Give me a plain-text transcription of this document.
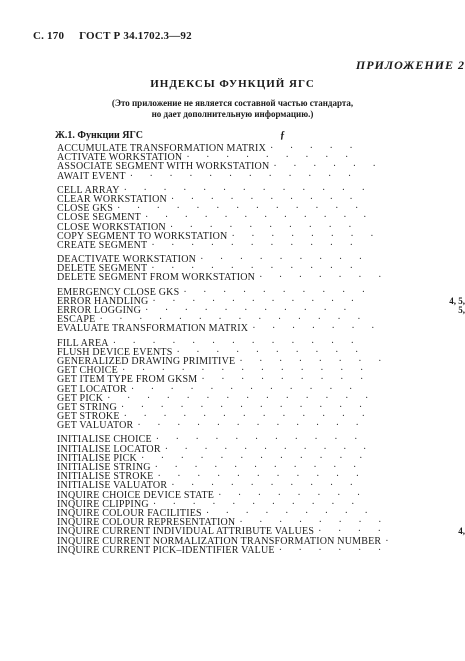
С. 170 ГОСТ Р 34.1702.3—92
ПРИЛОЖЕНИЕ 2
ИНДЕКСЫ ФУНКЦИЙ ЯГС
(Это приложение не является составной частью стандарта,
но дает дополнительную информацию.)
Ж.1. Функции ЯГС	ƒ
ACCUMULATE TRANSFORMATION MATRIX · · · · ·
ACTIVATE WORKSTATION · · · · · · · · ·
ASSOCIATE SEGMENT WITH WORKSTATION · · · · · ·
AWAIT EVENT · · · · · · · · · · · ·
CELL ARRAY · · · · · · · · · · · · ·
CLEAR WORKSTATION · · · · · · · · · ·
CLOSE GKS · · · · · · · · · · · · ·
CLOSE SEGMENT · · · · · · · · · · · ·
CLOSE WORKSTATION · · · · · · · · · ·
COPY SEGMENT TO WORKSTATION · · · · · · · ·
CREATE SEGMENT · · · · · · · · · · ·
DEACTIVATE WORKSTATION · · · · · · · · ·
DELETE SEGMENT · · · · · · · · · · ·
DELETE SEGMENT FROM WORKSTATION · · · · · · ·
EMERGENCY CLOSE GKS · · · · · · · · · ·
ERROR HANDLING · · · · · · · · · · ·	4, 5,
ERROR LOGGING · · · · · · · · · · ·	5,
ESCAPE · · · · · · · · · · · · · ·
EVALUATE TRANSFORMATION MATRIX · · · · · · ·
FILL AREA · · · · · · · · · · · · ·
FLUSH DEVICE EVENTS · · · · · · · · · ·
GENERALIZED DRAWING PRIMITIVE · · · · · · · ·
GET CHOICE · · · · · · · · · · · · ·
GET ITEM TYPE FROM GKSM · · · · · · · · ·
GET LOCATOR · · · · · · · · · · · ·
GET PICK · · · · · · · · · · · · · ·
GET STRING · · · · · · · · · · · · ·
GET STROKE · · · · · · · · · · · · ·
GET VALUATOR · · · · · · · · · · · ·
INITIALISE CHOICE · · · · · · · · · · ·
INITIALISE LOCATOR · · · · · · · · · · ·
INITIALISE PICK · · · · · · · · · · · ·
INITIALISE STRING · · · · · · · · · · ·
INITIALISE STROKE · · · · · · · · · · ·
INITIALISE VALUATOR · · · · · · · · · ·
INQUIRE CHOICE DEVICE STATE · · · · · · · ·
INQUIRE CLIPPING · · · · · · · · · · ·
INQUIRE COLOUR FACILITIES · · · · · · · · ·
INQUIRE COLOUR REPRESENTATION · · · · · · · ·
INQUIRE CURRENT INDIVIDUAL ATTRIBUTE VALUES · · · ·	4,
INQUIRE CURRENT NORMALIZATION TRANSFORMATION NUMBER ·
INQUIRE CURRENT PICK–IDENTIFIER VALUE · · · · · ·
